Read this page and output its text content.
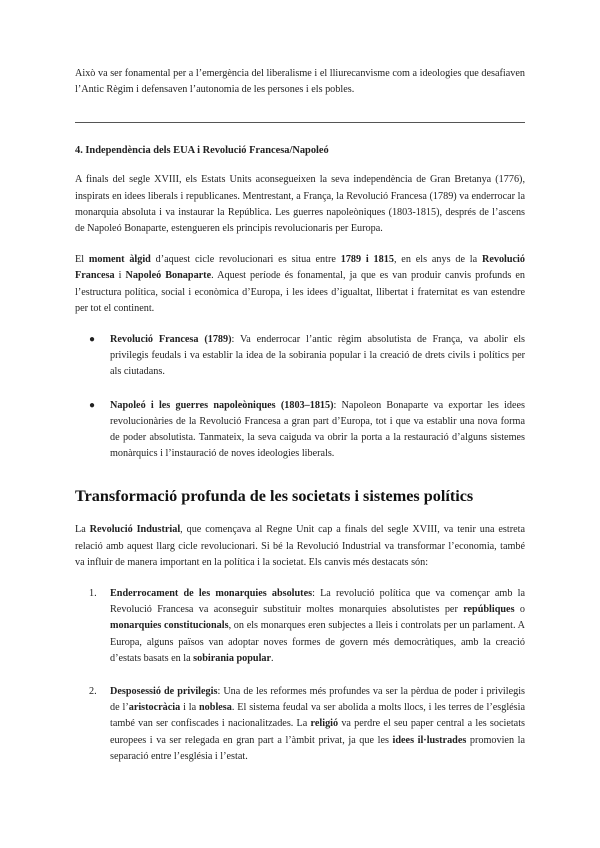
Això va ser fonamental per a l’emergència del liberalisme i el lliurecanvisme com a ideologies que desafiaven l’Antic Règim i defensaven l’autonomia de les persones i els pobles.

4. Independència dels EUA i Revolució Francesa/Napoleó

A finals del segle XVIII, els Estats Units aconsegueixen la seva independència de Gran Bretanya (1776), inspirats en idees liberals i republicanes. Mentrestant, a França, la Revolució Francesa (1789) va enderrocar la monarquia absoluta i va instaurar la República. Les guerres napoleòniques (1803-1815), després de l’ascens de Napoleó Bonaparte, estengueren els principis revolucionaris per Europa.

El moment àlgid d’aquest cicle revolucionari es situa entre 1789 i 1815, en els anys de la Revolució Francesa i Napoleó Bonaparte. Aquest període és fonamental, ja que es van produir canvis profunds en l’estructura política, social i econòmica d’Europa, i les idees d’igualtat, llibertat i fraternitat es van estendre per tot el continent.

● Revolució Francesa (1789): Va enderrocar l’antic règim absolutista de França, va abolir els privilegis feudals i va establir la idea de la sobirania popular i la creació de drets civils i polítics per als ciutadans.

● Napoleó i les guerres napoleòniques (1803–1815): Napoleon Bonaparte va exportar les idees revolucionàries de la Revolució Francesa a gran part d’Europa, tot i que va establir una nova forma de poder absolutista. Tanmateix, la seva caiguda va obrir la porta a la restauració d’alguns sistemes monàrquics i l’instauració de noves ideologies liberals.

Transformació profunda de les societats i sistemes polítics

La Revolució Industrial, que començava al Regne Unit cap a finals del segle XVIII, va tenir una estreta relació amb aquest llarg cicle revolucionari. Si bé la Revolució Industrial va transformar l’economia, també va influir de manera important en la política i la societat. Els canvis més destacats són:

1. Enderrocament de les monarquies absolutes: La revolució política que va començar amb la Revolució Francesa va aconseguir substituir moltes monarquies absolutistes per repúbliques o monarquies constitucionals, on els monarques eren subjectes a lleis i controlats per un parlament. A Europa, alguns països van adoptar noves formes de govern més democràtiques, amb la creació d’estats basats en la sobirania popular.

2. Desposessió de privilegis: Una de les reformes més profundes va ser la pèrdua de poder i privilegis de l’aristocràcia i la noblesa. El sistema feudal va ser abolida a molts llocs, i les terres de l’església també van ser confiscades i nacionalitzades. La religió va perdre el seu paper central a les societats europees i va ser relegada en gran part a l’àmbit privat, ja que les idees il·lustrades promovien la separació entre l’església i l’estat.
